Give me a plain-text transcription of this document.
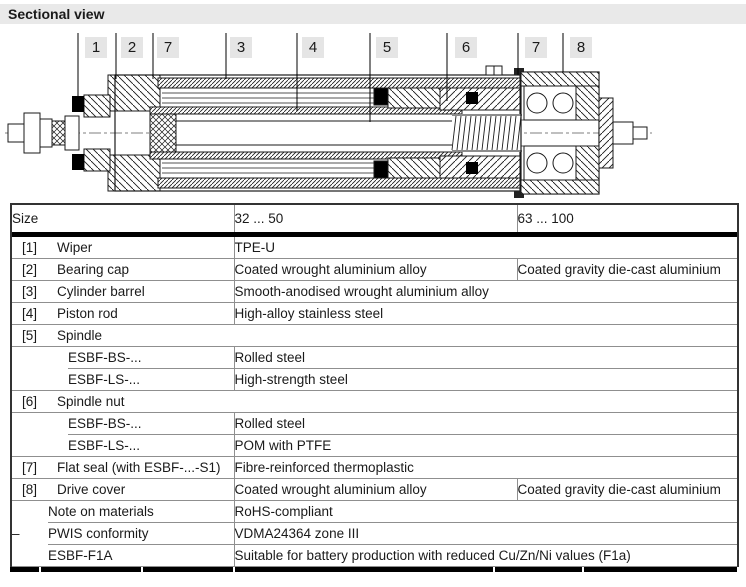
Sectional view
1	2	7	3	4	5	6	7	8
Size			32 ... 50	63 ... 100

[1] Wiper			TPE-U	
[2] Bearing cap			Coated wrought aluminium alloy	Coated gravity die-cast aluminium
[3] Cylinder barrel			Smooth-anodised wrought aluminium alloy	
[4] Piston rod			High-alloy stainless steel	
[5] Spindle				
		ESBF-BS-...	Rolled steel	
		ESBF-LS-...	High-strength steel	
[6] Spindle nut				
		ESBF-BS-...	Rolled steel	
		ESBF-LS-...	POM with PTFE	
[7] Flat seal (with ESBF-...-S1)			Fibre-reinforced thermoplastic	
[8] Drive cover			Coated wrought aluminium alloy	Coated gravity die-cast aluminium
–	Note on materials		RoHS-compliant	
	PWIS conformity		VDMA24364 zone III	
	ESBF-F1A		Suitable for battery production with reduced Cu/Zn/Ni values (F1a)	
